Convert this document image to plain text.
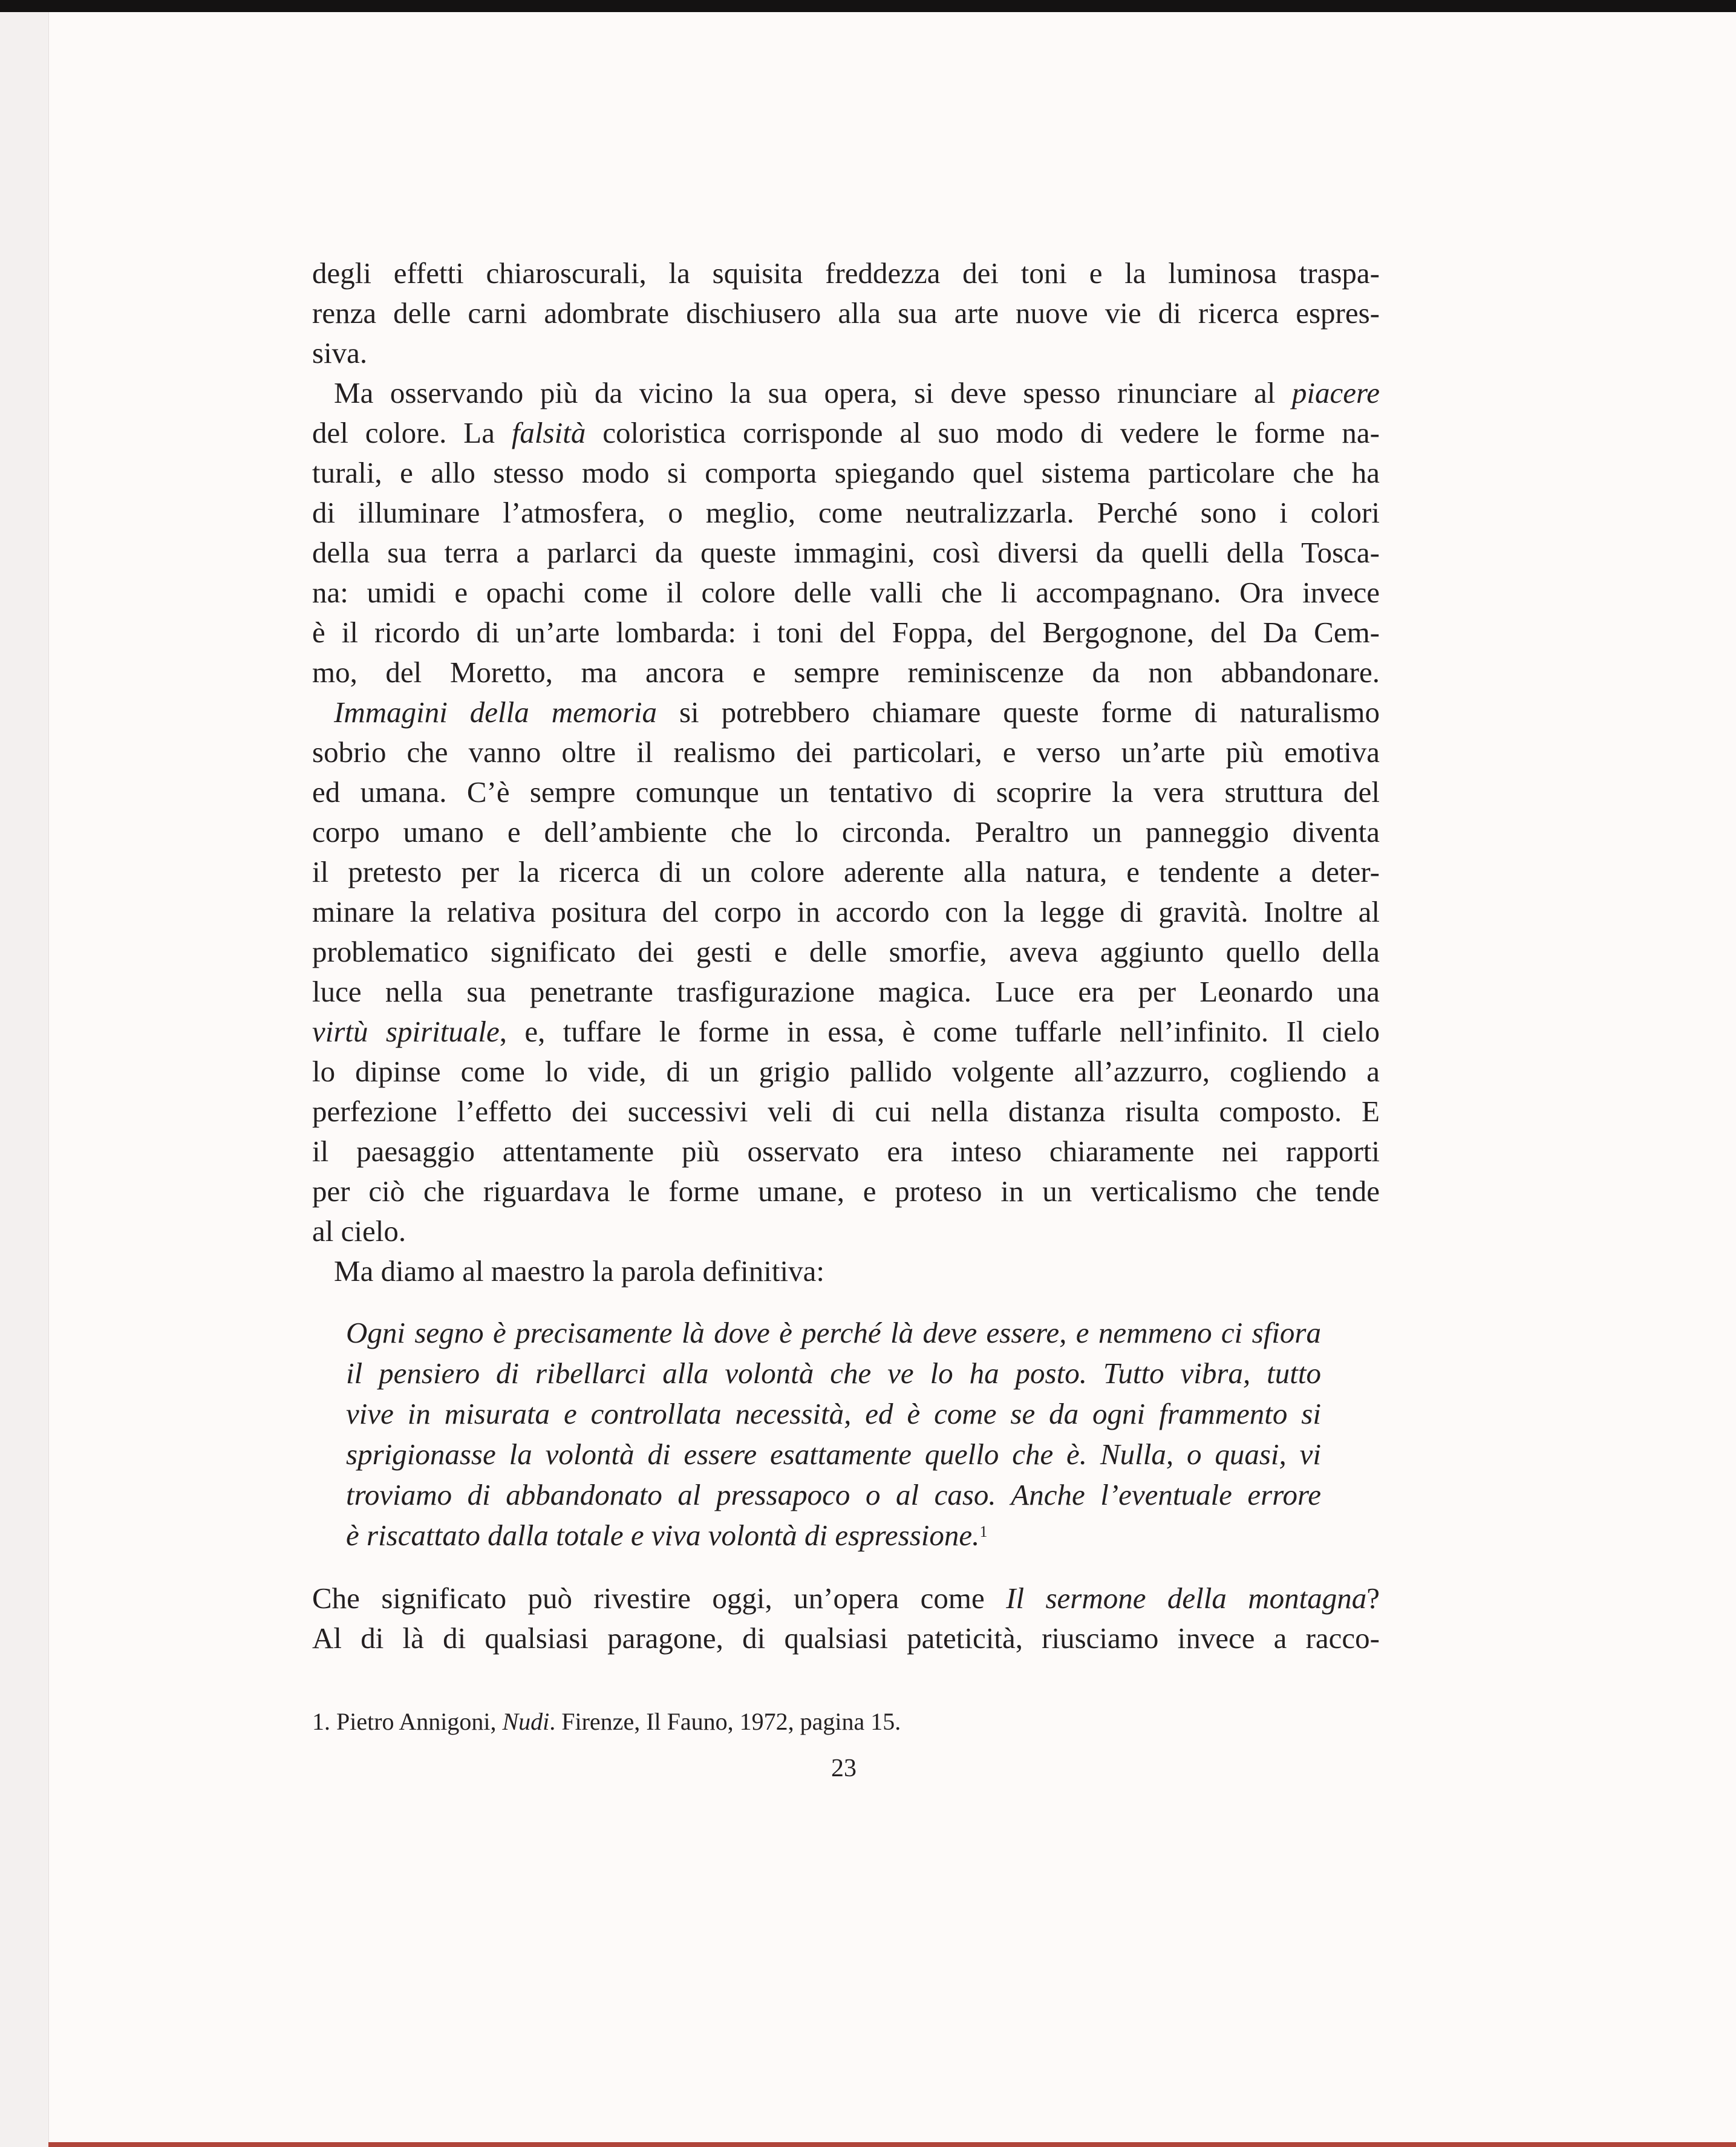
degli effetti chiaroscurali, la squisita freddezza dei toni e la luminosa traspa-
renza delle carni adombrate dischiusero alla sua arte nuove vie di ricerca espres-
siva.
Ma osservando più da vicino la sua opera, si deve spesso rinunciare al piacere
del colore. La falsità coloristica corrisponde al suo modo di vedere le forme na-
turali, e allo stesso modo si comporta spiegando quel sistema particolare che ha
di illuminare l’atmosfera, o meglio, come neutralizzarla. Perché sono i colori
della sua terra a parlarci da queste immagini, così diversi da quelli della Tosca-
na: umidi e opachi come il colore delle valli che li accompagnano. Ora invece
è il ricordo di un’arte lombarda: i toni del Foppa, del Bergognone, del Da Cem-
mo, del Moretto, ma ancora e sempre reminiscenze da non abbandonare.
Immagini della memoria si potrebbero chiamare queste forme di naturalismo
sobrio che vanno oltre il realismo dei particolari, e verso un’arte più emotiva
ed umana. C’è sempre comunque un tentativo di scoprire la vera struttura del
corpo umano e dell’ambiente che lo circonda. Peraltro un panneggio diventa
il pretesto per la ricerca di un colore aderente alla natura, e tendente a deter-
minare la relativa positura del corpo in accordo con la legge di gravità. Inoltre al
problematico significato dei gesti e delle smorfie, aveva aggiunto quello della
luce nella sua penetrante trasfigurazione magica. Luce era per Leonardo una
virtù spirituale, e, tuffare le forme in essa, è come tuffarle nell’infinito. Il cielo
lo dipinse come lo vide, di un grigio pallido volgente all’azzurro, cogliendo a
perfezione l’effetto dei successivi veli di cui nella distanza risulta composto. E
il paesaggio attentamente più osservato era inteso chiaramente nei rapporti
per ciò che riguardava le forme umane, e proteso in un verticalismo che tende
al cielo.
Ma diamo al maestro la parola definitiva:
Ogni segno è precisamente là dove è perché là deve essere, e nemmeno ci sfiora
il pensiero di ribellarci alla volontà che ve lo ha posto. Tutto vibra, tutto
vive in misurata e controllata necessità, ed è come se da ogni frammento si
sprigionasse la volontà di essere esattamente quello che è. Nulla, o quasi, vi
troviamo di abbandonato al pressapoco o al caso. Anche l’eventuale errore
è riscattato dalla totale e viva volontà di espressione.$^1$
Che significato può rivestire oggi, un’opera come Il sermone della montagna?
Al di là di qualsiasi paragone, di qualsiasi pateticità, riusciamo invece a racco-
1. Pietro Annigoni, Nudi. Firenze, Il Fauno, 1972, pagina 15.
23
